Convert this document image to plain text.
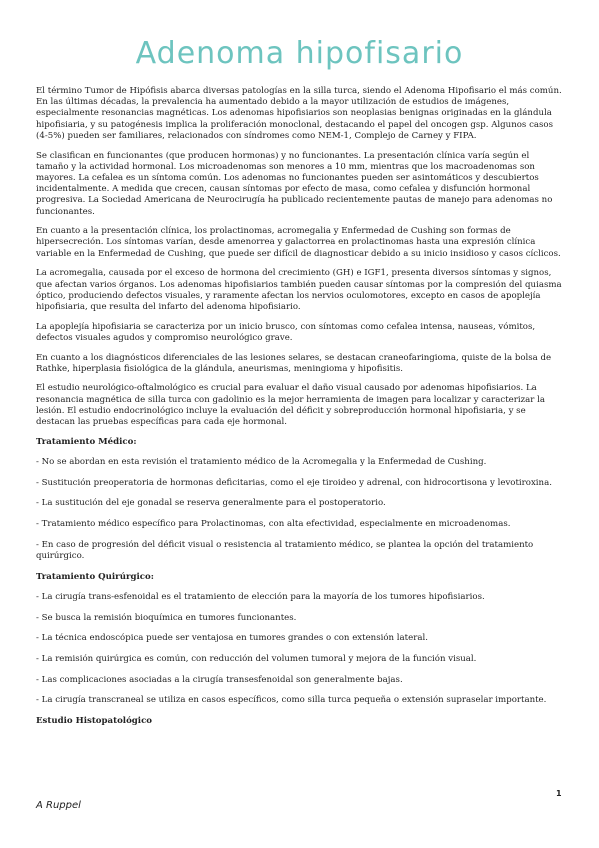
Adenoma hipofisario

El término Tumor de Hipófisis abarca diversas patologías en la silla turca, siendo el Adenoma Hipofisario el más común. En las últimas décadas, la prevalencia ha aumentado debido a la mayor utilización de estudios de imágenes, especialmente resonancias magnéticas. Los adenomas hipofisiarios son neoplasias benignas originadas en la glándula hipofisiaria, y su patogénesis implica la proliferación monoclonal, destacando el papel del oncogen gsp. Algunos casos (4-5%) pueden ser familiares, relacionados con síndromes como NEM-1, Complejo de Carney y FIPA.

Se clasifican en funcionantes (que producen hormonas) y no funcionantes. La presentación clínica varía según el tamaño y la actividad hormonal. Los microadenomas son menores a 10 mm, mientras que los macroadenomas son mayores. La cefalea es un síntoma común. Los adenomas no funcionantes pueden ser asintomáticos y descubiertos incidentalmente. A medida que crecen, causan síntomas por efecto de masa, como cefalea y disfunción hormonal progresiva. La Sociedad Americana de Neurocirugía ha publicado recientemente pautas de manejo para adenomas no funcionantes.

En cuanto a la presentación clínica, los prolactinomas, acromegalia y Enfermedad de Cushing son formas de hipersecreción. Los síntomas varían, desde amenorrea y galactorrea en prolactinomas hasta una expresión clínica variable en la Enfermedad de Cushing, que puede ser difícil de diagnosticar debido a su inicio insidioso y casos cíclicos.

La acromegalia, causada por el exceso de hormona del crecimiento (GH) e IGF1, presenta diversos síntomas y signos, que afectan varios órganos. Los adenomas hipofisiarios también pueden causar síntomas por la compresión del quiasma óptico, produciendo defectos visuales, y raramente afectan los nervios oculomotores, excepto en casos de apoplejía hipofisiaria, que resulta del infarto del adenoma hipofisiario.

La apoplejía hipofisiaria se caracteriza por un inicio brusco, con síntomas como cefalea intensa, nauseas, vómitos, defectos visuales agudos y compromiso neurológico grave.

En cuanto a los diagnósticos diferenciales de las lesiones selares, se destacan craneofaringioma, quiste de la bolsa de Rathke, hiperplasia fisiológica de la glándula, aneurismas, meningioma y hipofisitis.

El estudio neurológico-oftalmológico es crucial para evaluar el daño visual causado por adenomas hipofisiarios. La resonancia magnética de silla turca con gadolinio es la mejor herramienta de imagen para localizar y caracterizar la lesión. El estudio endocrinológico incluye la evaluación del déficit y sobreproducción hormonal hipofisiaria, y se destacan las pruebas específicas para cada eje hormonal.

Tratamiento Médico:

- No se abordan en esta revisión el tratamiento médico de la Acromegalia y la Enfermedad de Cushing.

- Sustitución preoperatoria de hormonas deficitarias, como el eje tiroideo y adrenal, con hidrocortisona y levotiroxina.

- La sustitución del eje gonadal se reserva generalmente para el postoperatorio.

- Tratamiento médico específico para Prolactinomas, con alta efectividad, especialmente en microadenomas.

- En caso de progresión del déficit visual o resistencia al tratamiento médico, se plantea la opción del tratamiento quirúrgico.

Tratamiento Quirúrgico:

- La cirugía trans-esfenoidal es el tratamiento de elección para la mayoría de los tumores hipofisiarios.

- Se busca la remisión bioquímica en tumores funcionantes.

- La técnica endoscópica puede ser ventajosa en tumores grandes o con extensión lateral.

- La remisión quirúrgica es común, con reducción del volumen tumoral y mejora de la función visual.

- Las complicaciones asociadas a la cirugía transesfenoidal son generalmente bajas.

- La cirugía transcraneal se utiliza en casos específicos, como silla turca pequeña o extensión supraselar importante.

Estudio Histopatológico

A Ruppel
1
